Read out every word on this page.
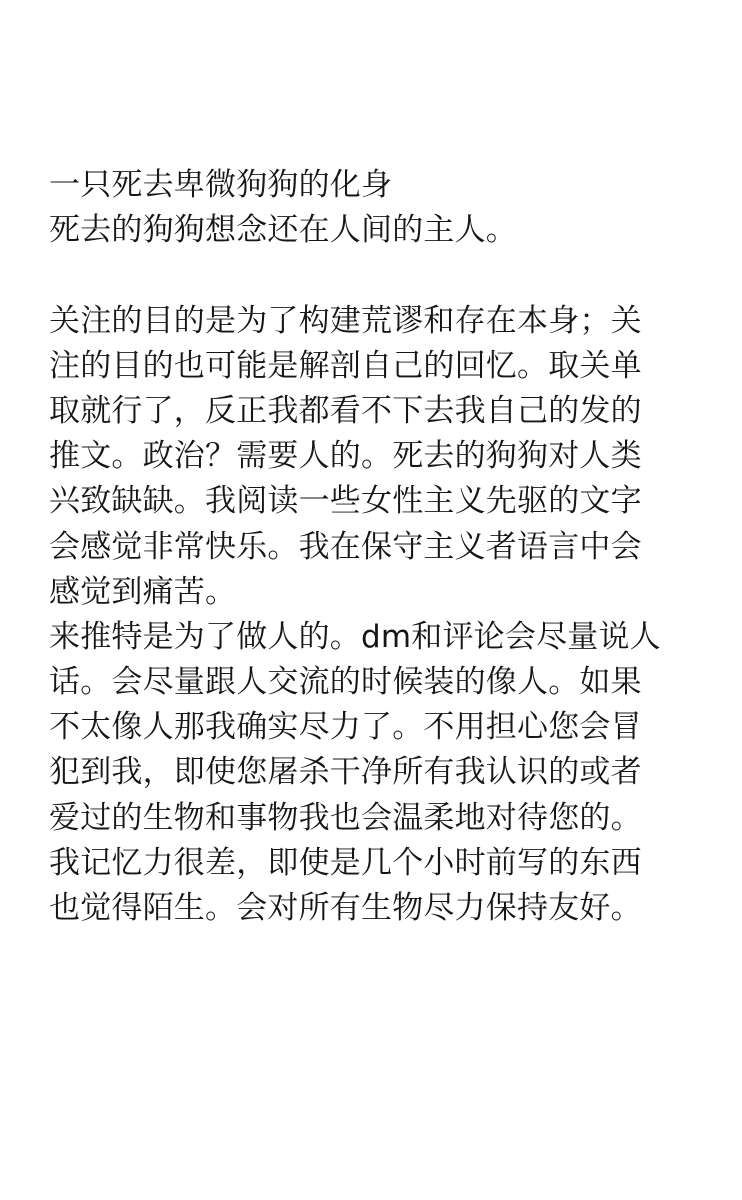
一只死去卑微狗狗的化身
死去的狗狗想念还在人间的主人。
关注的目的是为了构建荒谬和存在本身；关
注的目的也可能是解剖自己的回忆。取关单
取就行了，反正我都看不下去我自己的发的
推文。政治？需要人的。死去的狗狗对人类
兴致缺缺。我阅读一些女性主义先驱的文字
会感觉非常快乐。我在保守主义者语言中会
感觉到痛苦。
来推特是为了做人的。dm和评论会尽量说人
话。会尽量跟人交流的时候装的像人。如果
不太像人那我确实尽力了。不用担心您会冒
犯到我，即使您屠杀干净所有我认识的或者
爱过的生物和事物我也会温柔地对待您的。
我记忆力很差，即使是几个小时前写的东西
也觉得陌生。会对所有生物尽力保持友好。
